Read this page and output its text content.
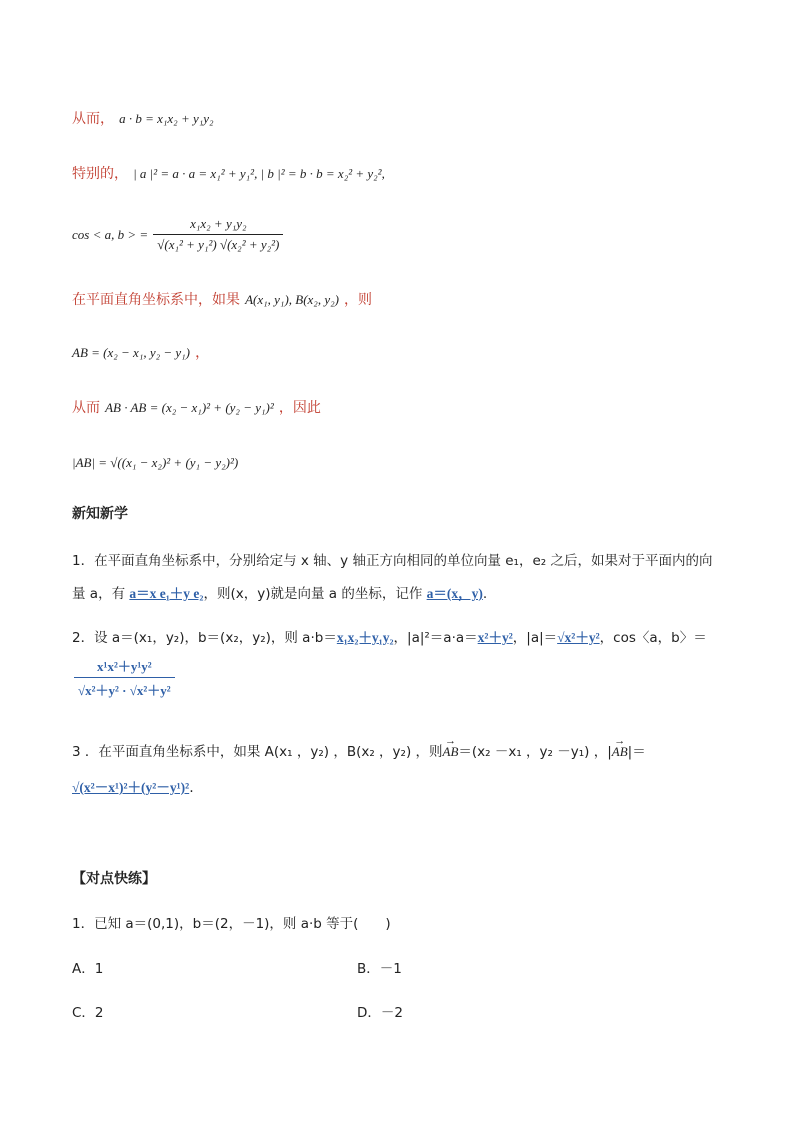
从而， a · b = x₁x₂ + y₁y₂
特别的， | a |² = a · a = x₁² + y₁², | b |² = b · b = x₂² + y₂²,
cos < a, b > = $\frac{\text{x₁x₂ + y₁y₂}}{\text{√(x₁² + y₁²) √(x₂² + y₂²)}}$
在平面直角坐标系中，如果 A(x₁, y₁), B(x₂, y₂) ，则
AB = (x₂ − x₁, y₂ − y₁) ，
从而 AB · AB = (x₂ − x₁)² + (y₂ − y₁)² ，因此
|AB| = √((x₁ − x₂)² + (y₁ − y₂)²)
新知新学
1．在平面直角坐标系中，分别给定与 x 轴、y 轴正方向相同的单位向量 e₁，e₂ 之后，如果对于平面内的向
量 a，有 a＝x e₁＋y e₂，则(x，y)就是向量 a 的坐标，记作 a＝(x，y).
2．设 a＝(x₁，y₂)，b＝(x₂，y₂)，则 a·b＝x₁x₂＋y₁y₂，|a|²＝a·a＝x²＋y²，|a|＝√x²＋y²，cos〈a，b〉＝
$\frac{\text{x¹x²＋y¹y²}}{\text{√x²＋y² · √x²＋y²}}$
3 ．在平面直角坐标系中，如果 A(x₁ ，y₂) ，B(x₂ ，y₂) ，则
→
AB＝(x₂ －x₁ ，y₂ －y₁) ，|
→
AB|＝
√(x²－x¹)²＋(y²－y¹)².
【对点快练】
1．已知 a＝(0,1)，b＝(2，－1)，则 a·b 等于(　　)
A．1	B．－1
C．2	D．－2
